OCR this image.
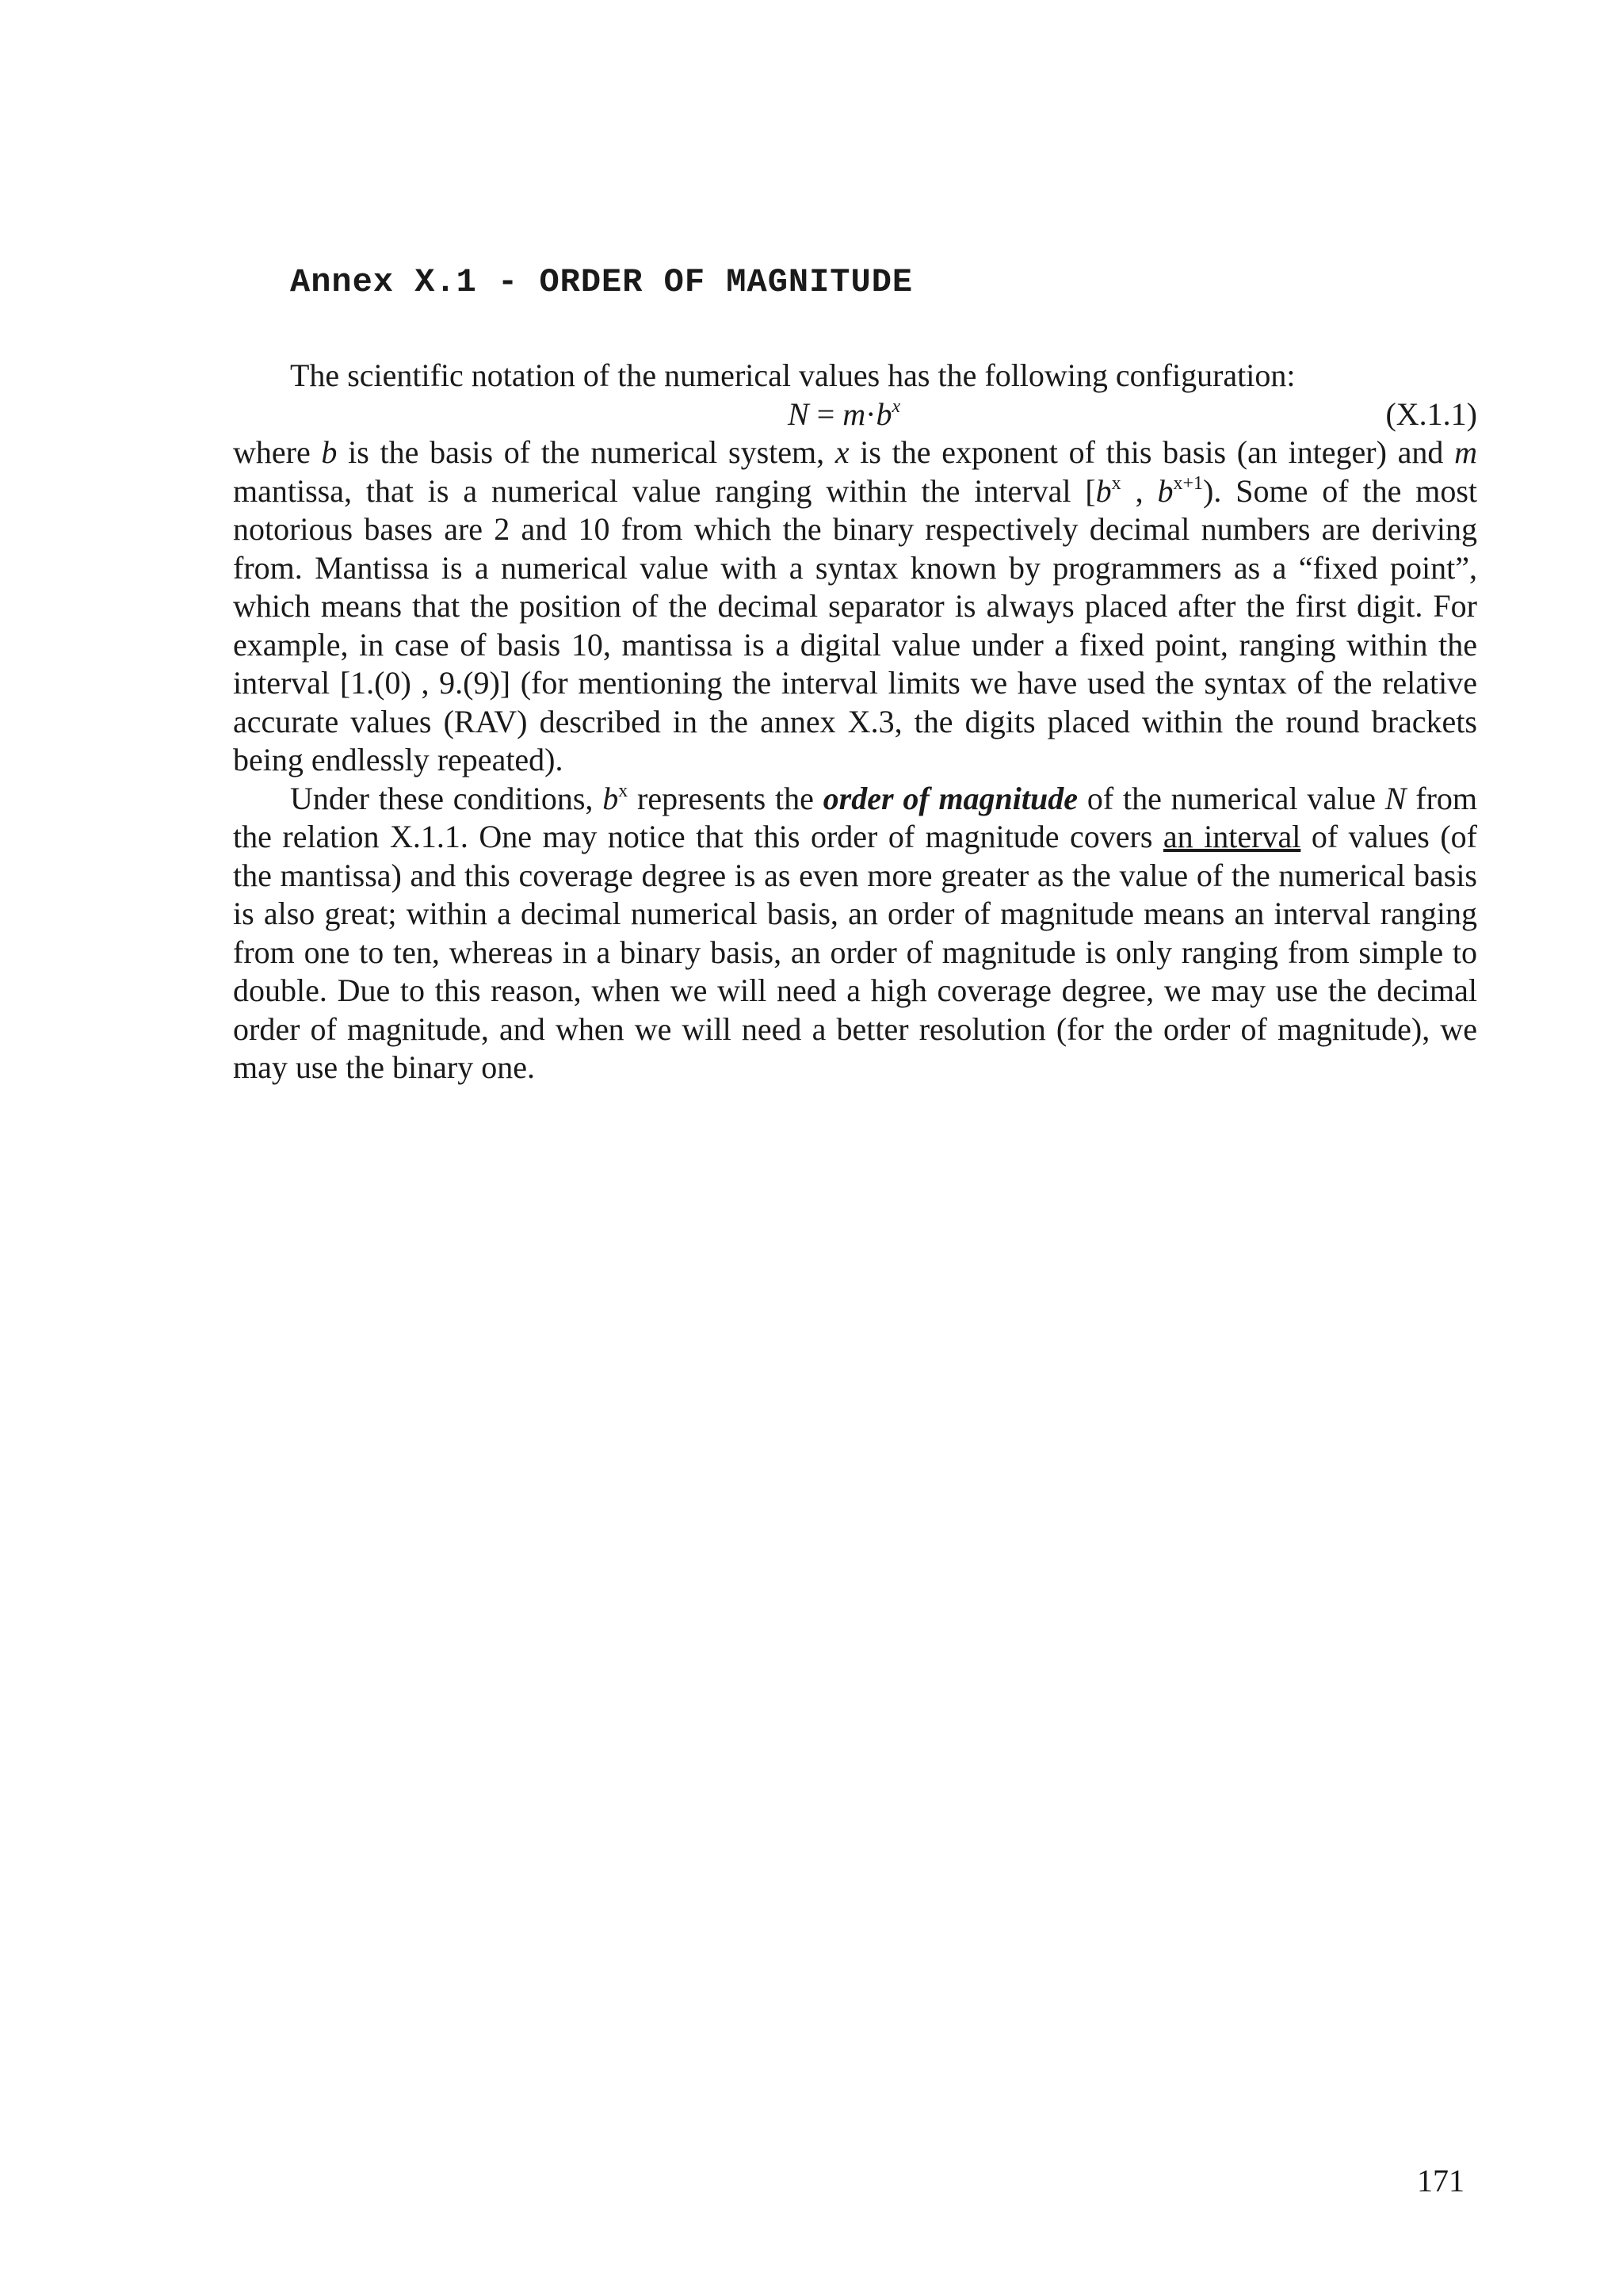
Annex X.1 - ORDER OF MAGNITUDE

The scientific notation of the numerical values has the following configuration:

$N = m\cdot b^x$	(X.1.1)

where b is the basis of the numerical system, x is the exponent of this basis (an integer) and m mantissa, that is a numerical value ranging within the interval [$b^x$ , $b^{x+1}$). Some of the most notorious bases are 2 and 10 from which the binary respectively decimal numbers are deriving from. Mantissa is a numerical value with a syntax known by programmers as a “fixed point”, which means that the position of the decimal separator is always placed after the first digit. For example, in case of basis 10, mantissa is a digital value under a fixed point, ranging within the interval [1.(0) , 9.(9)] (for mentioning the interval limits we have used the syntax of the relative accurate values (RAV) described in the annex X.3, the digits placed within the round brackets being endlessly repeated).

Under these conditions, $b^x$ represents the order of magnitude of the numerical value N from the relation X.1.1. One may notice that this order of magnitude covers an interval of values (of the mantissa) and this coverage degree is as even more greater as the value of the numerical basis is also great; within a decimal numerical basis, an order of magnitude means an interval ranging from one to ten, whereas in a binary basis, an order of magnitude is only ranging from simple to double. Due to this reason, when we will need a high coverage degree, we may use the decimal order of magnitude, and when we will need a better resolution (for the order of magnitude), we may use the binary one.

171
